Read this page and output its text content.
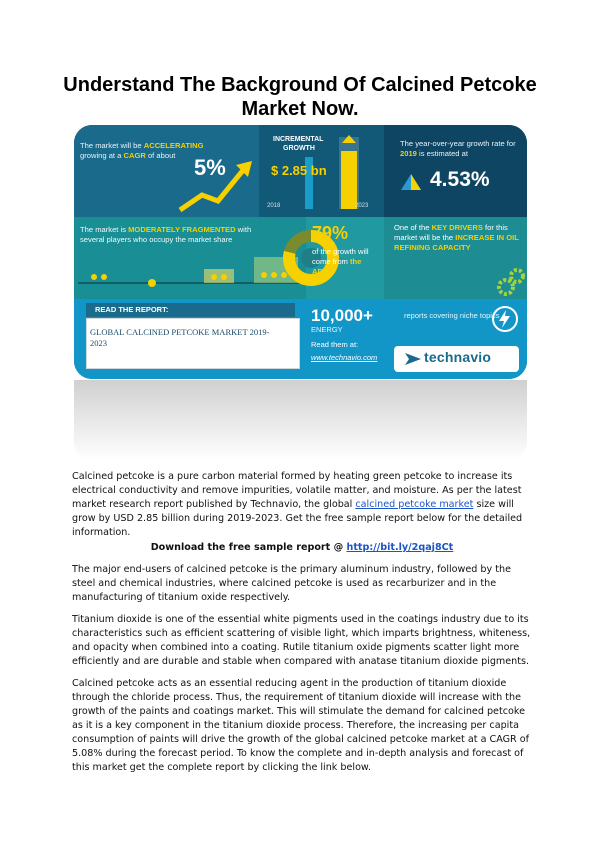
Understand The Background Of Calcined Petcoke Market Now.
The market will be ACCELERATING growing at a CAGR of about 5%
INCREMENTAL
GROWTH
$ 2.85 bn
2018	2023
The year-over-year growth rate for 2019 is estimated at
4.53%
The market is MODERATELY FRAGMENTED with several players who occupy the market share	79%
of the growth will come from the APAC
One of the KEY DRIVERS for this market will be the INCREASE IN OIL REFINING CAPACITY
READ THE REPORT:
GLOBAL CALCINED PETCOKE MARKET 2019-2023
10,000+
ENERGY
reports covering niche topics
Read them at:
www.technavio.com	technavio
Calcined petcoke is a pure carbon material formed by heating green petcoke to increase its electrical conductivity and remove impurities, volatile matter, and moisture. As per the latest market research report published by Technavio, the global calcined petcoke market size will grow by USD 2.85 billion during 2019-2023. Get the free sample report below for the detailed information.
Download the free sample report @ http://bit.ly/2qaj8Ct
The major end-users of calcined petcoke is the primary aluminum industry, followed by the steel and chemical industries, where calcined petcoke is used as recarburizer and in the manufacturing of titanium oxide respectively.
Titanium dioxide is one of the essential white pigments used in the coatings industry due to its characteristics such as efficient scattering of visible light, which imparts brightness, whiteness, and opacity when combined into a coating. Rutile titanium oxide pigments scatter light more efficiently and are durable and stable when compared with anatase titanium dioxide pigments.
Calcined petcoke acts as an essential reducing agent in the production of titanium dioxide through the chloride process. Thus, the requirement of titanium dioxide will increase with the growth of the paints and coatings market. This will stimulate the demand for calcined petcoke as it is a key component in the titanium dioxide process. Therefore, the increasing per capita consumption of paints will drive the growth of the global calcined petcoke market at a CAGR of 5.08% during the forecast period. To know the complete and in-depth analysis and forecast of this market get the complete report by clicking the link below.
